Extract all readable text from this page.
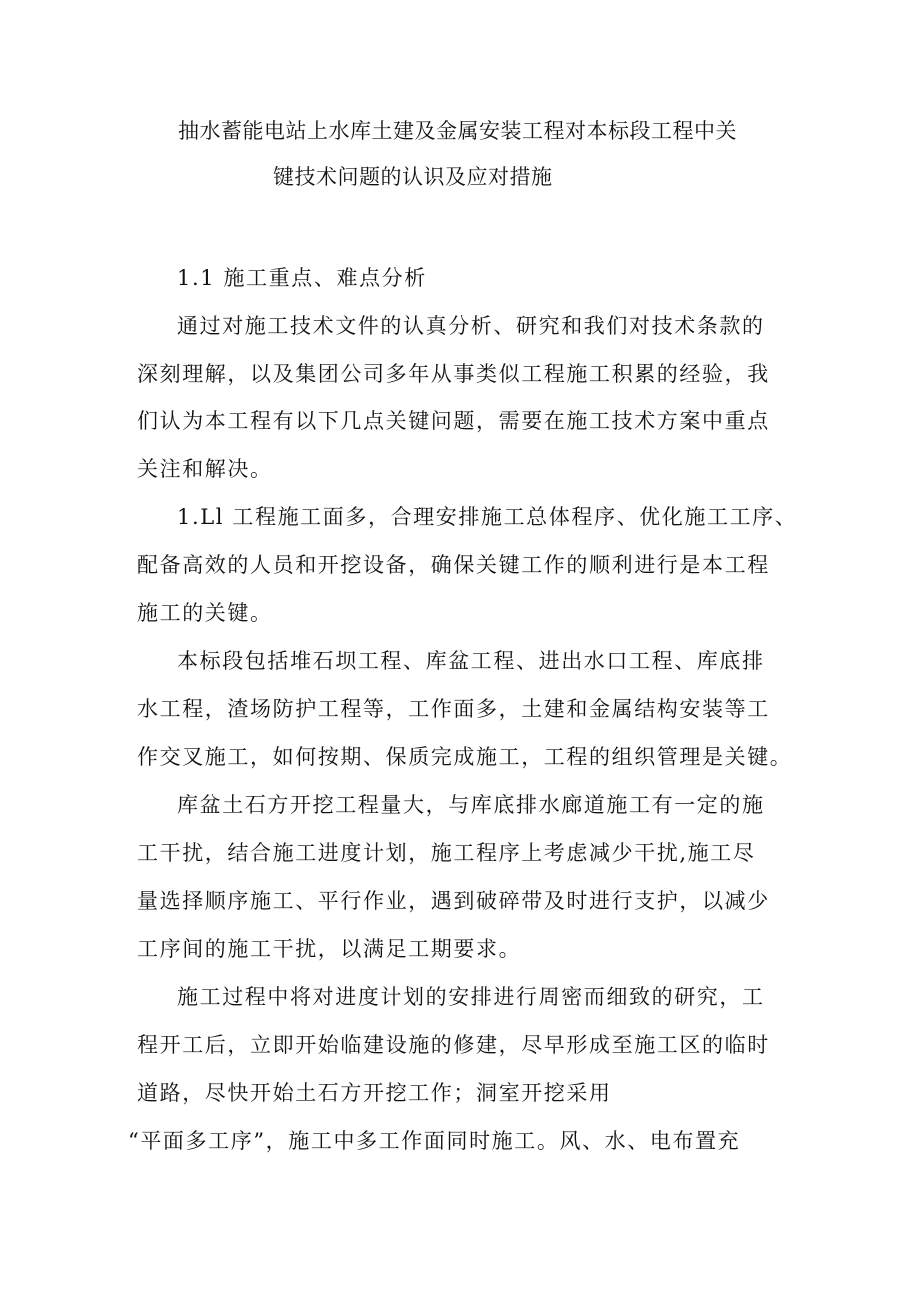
抽水蓄能电站上水库土建及金属安装工程对本标段工程中关
键技术问题的认识及应对措施
1.1 施工重点、难点分析
通过对施工技术文件的认真分析、研究和我们对技术条款的
深刻理解，以及集团公司多年从事类似工程施工积累的经验，我
们认为本工程有以下几点关键问题，需要在施工技术方案中重点
关注和解决。
1.Ll 工程施工面多，合理安排施工总体程序、优化施工工序、
配备高效的人员和开挖设备，确保关键工作的顺利进行是本工程
施工的关键。
本标段包括堆石坝工程、库盆工程、进出水口工程、库底排
水工程，渣场防护工程等，工作面多，土建和金属结构安装等工
作交叉施工，如何按期、保质完成施工，工程的组织管理是关键。
库盆土石方开挖工程量大，与库底排水廊道施工有一定的施
工干扰，结合施工进度计划，施工程序上考虑减少干扰,施工尽
量选择顺序施工、平行作业，遇到破碎带及时进行支护，以减少
工序间的施工干扰，以满足工期要求。
施工过程中将对进度计划的安排进行周密而细致的研究，工
程开工后，立即开始临建设施的修建，尽早形成至施工区的临时
道路，尽快开始土石方开挖工作；洞室开挖采用
“平面多工序”，施工中多工作面同时施工。风、水、电布置充
